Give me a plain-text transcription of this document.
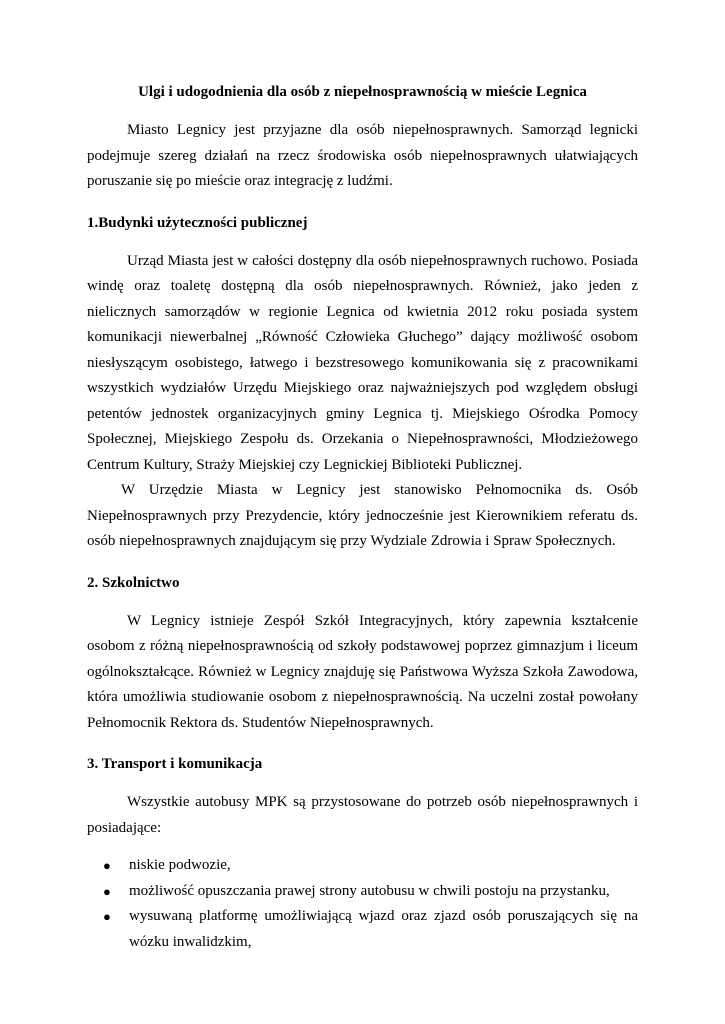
Ulgi i udogodnienia dla osób z niepełnosprawnością w mieście Legnica

Miasto Legnicy jest przyjazne dla osób niepełnosprawnych. Samorząd legnicki podejmuje szereg działań na rzecz środowiska osób niepełnosprawnych ułatwiających poruszanie się po mieście oraz integrację z ludźmi.

1.Budynki użyteczności publicznej

Urząd Miasta jest w całości dostępny dla osób niepełnosprawnych ruchowo. Posiada windę oraz toaletę dostępną dla osób niepełnosprawnych. Również, jako jeden z nielicznych samorządów w regionie Legnica od kwietnia 2012 roku posiada system komunikacji niewerbalnej „Równość Człowieka Głuchego” dający możliwość osobom niesłyszącym osobistego, łatwego i bezstresowego komunikowania się z pracownikami wszystkich wydziałów Urzędu Miejskiego oraz najważniejszych pod względem obsługi petentów jednostek organizacyjnych gminy Legnica tj. Miejskiego Ośrodka Pomocy Społecznej, Miejskiego Zespołu ds. Orzekania o Niepełnosprawności, Młodzieżowego Centrum Kultury, Straży Miejskiej czy Legnickiej Biblioteki Publicznej.

W Urzędzie Miasta w Legnicy jest stanowisko Pełnomocnika ds. Osób Niepełnosprawnych przy Prezydencie, który jednocześnie jest Kierownikiem referatu ds. osób niepełnosprawnych znajdującym się przy Wydziale Zdrowia i Spraw Społecznych.

2. Szkolnictwo

W Legnicy istnieje Zespół Szkół Integracyjnych, który zapewnia kształcenie osobom z różną niepełnosprawnością od szkoły podstawowej poprzez gimnazjum i liceum ogólnokształcące. Również w Legnicy znajduję się Państwowa Wyższa Szkoła Zawodowa, która umożliwia studiowanie osobom z niepełnosprawnością. Na uczelni został powołany Pełnomocnik Rektora ds. Studentów Niepełnosprawnych.

3. Transport i komunikacja

Wszystkie autobusy MPK są przystosowane do potrzeb osób niepełnosprawnych i posiadające:

● niskie podwozie,
● możliwość opuszczania prawej strony autobusu w chwili postoju na przystanku,
● wysuwaną platformę umożliwiającą wjazd oraz zjazd osób poruszających się na wózku inwalidzkim,
